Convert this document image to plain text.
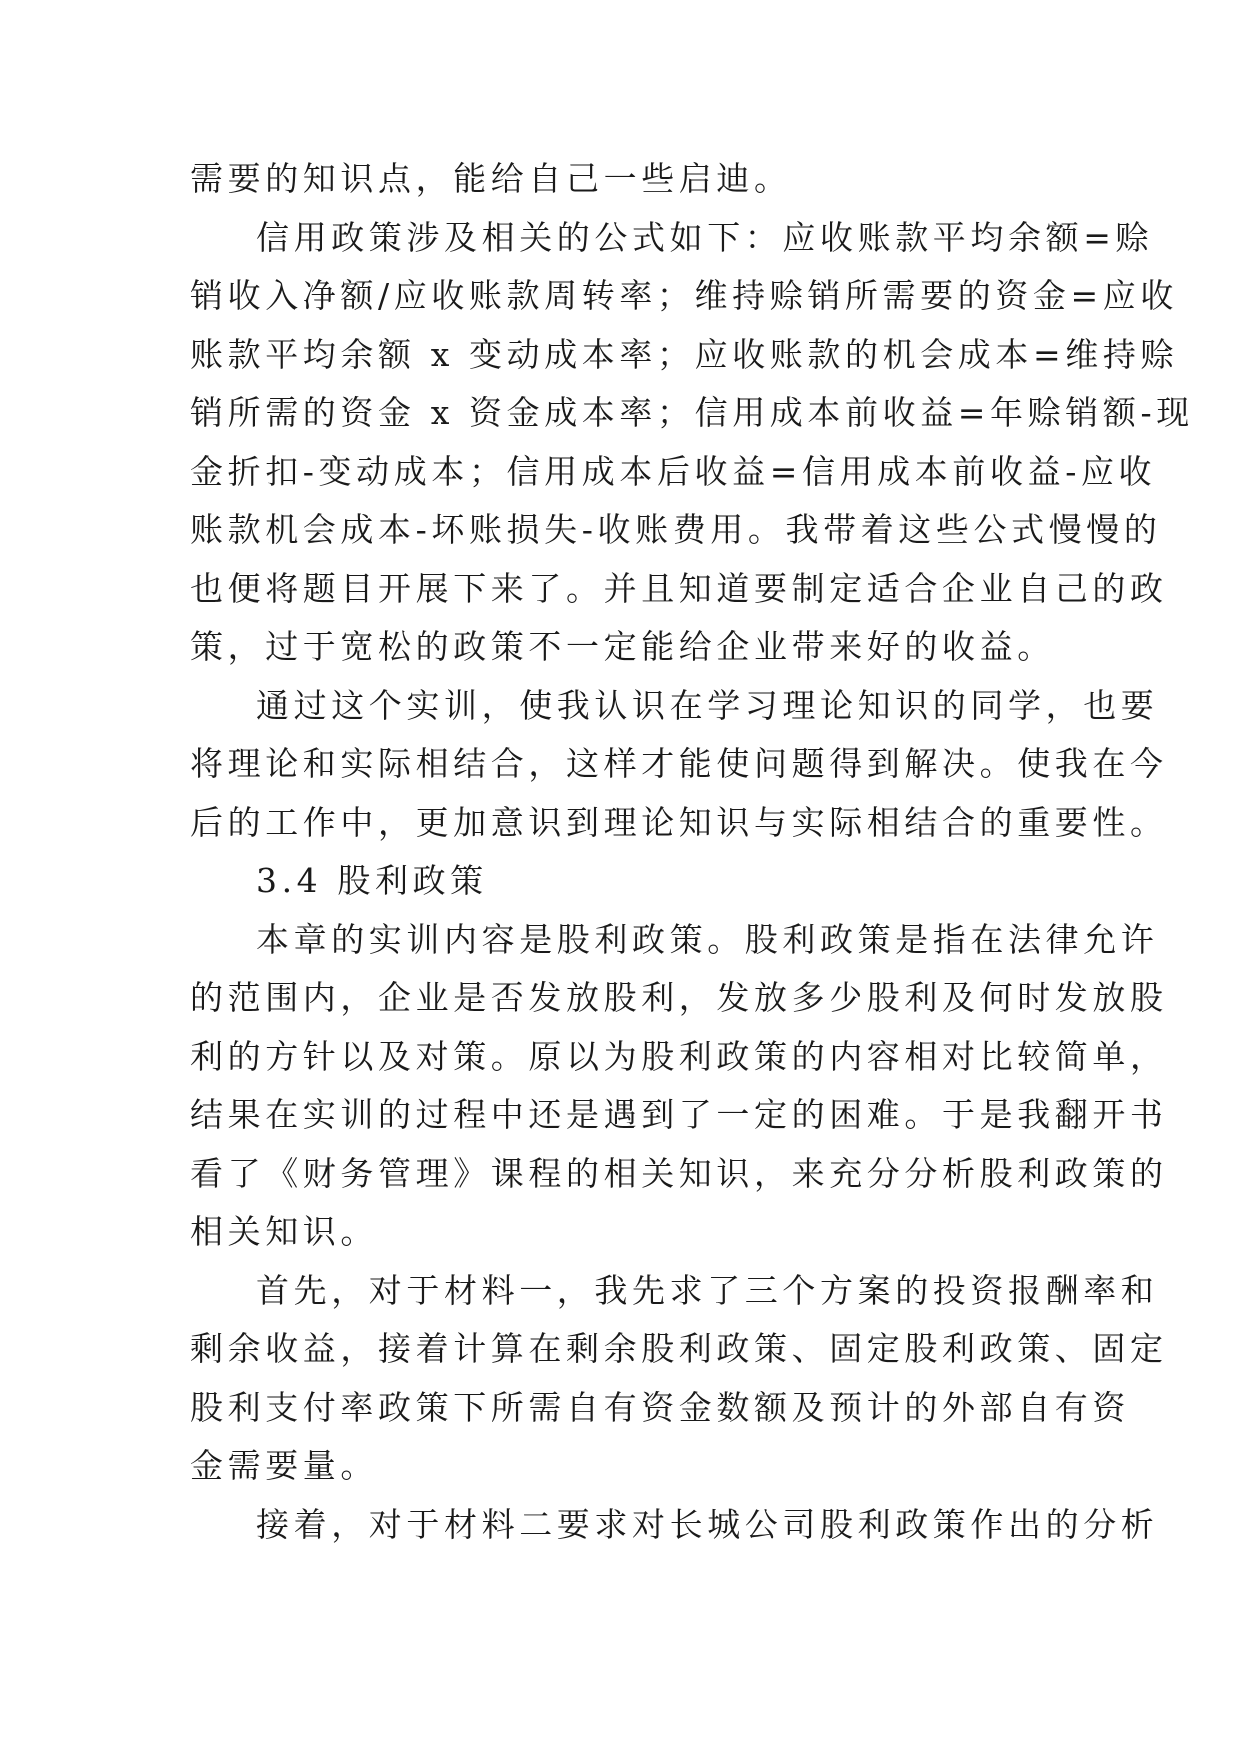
需要的知识点，能给自己一些启迪。
信用政策涉及相关的公式如下：应收账款平均余额=赊
销收入净额/应收账款周转率；维持赊销所需要的资金=应收
账款平均余额 x 变动成本率；应收账款的机会成本=维持赊
销所需的资金 x 资金成本率；信用成本前收益=年赊销额-现
金折扣-变动成本；信用成本后收益=信用成本前收益-应收
账款机会成本-坏账损失-收账费用。我带着这些公式慢慢的
也便将题目开展下来了。并且知道要制定适合企业自己的政
策，过于宽松的政策不一定能给企业带来好的收益。
通过这个实训，使我认识在学习理论知识的同学，也要
将理论和实际相结合，这样才能使问题得到解决。使我在今
后的工作中，更加意识到理论知识与实际相结合的重要性。
3.4 股利政策
本章的实训内容是股利政策。股利政策是指在法律允许
的范围内，企业是否发放股利，发放多少股利及何时发放股
利的方针以及对策。原以为股利政策的内容相对比较简单，
结果在实训的过程中还是遇到了一定的困难。于是我翻开书
看了《财务管理》课程的相关知识，来充分分析股利政策的
相关知识。
首先，对于材料一，我先求了三个方案的投资报酬率和
剩余收益，接着计算在剩余股利政策、固定股利政策、固定
股利支付率政策下所需自有资金数额及预计的外部自有资
金需要量。
接着，对于材料二要求对长城公司股利政策作出的分析
